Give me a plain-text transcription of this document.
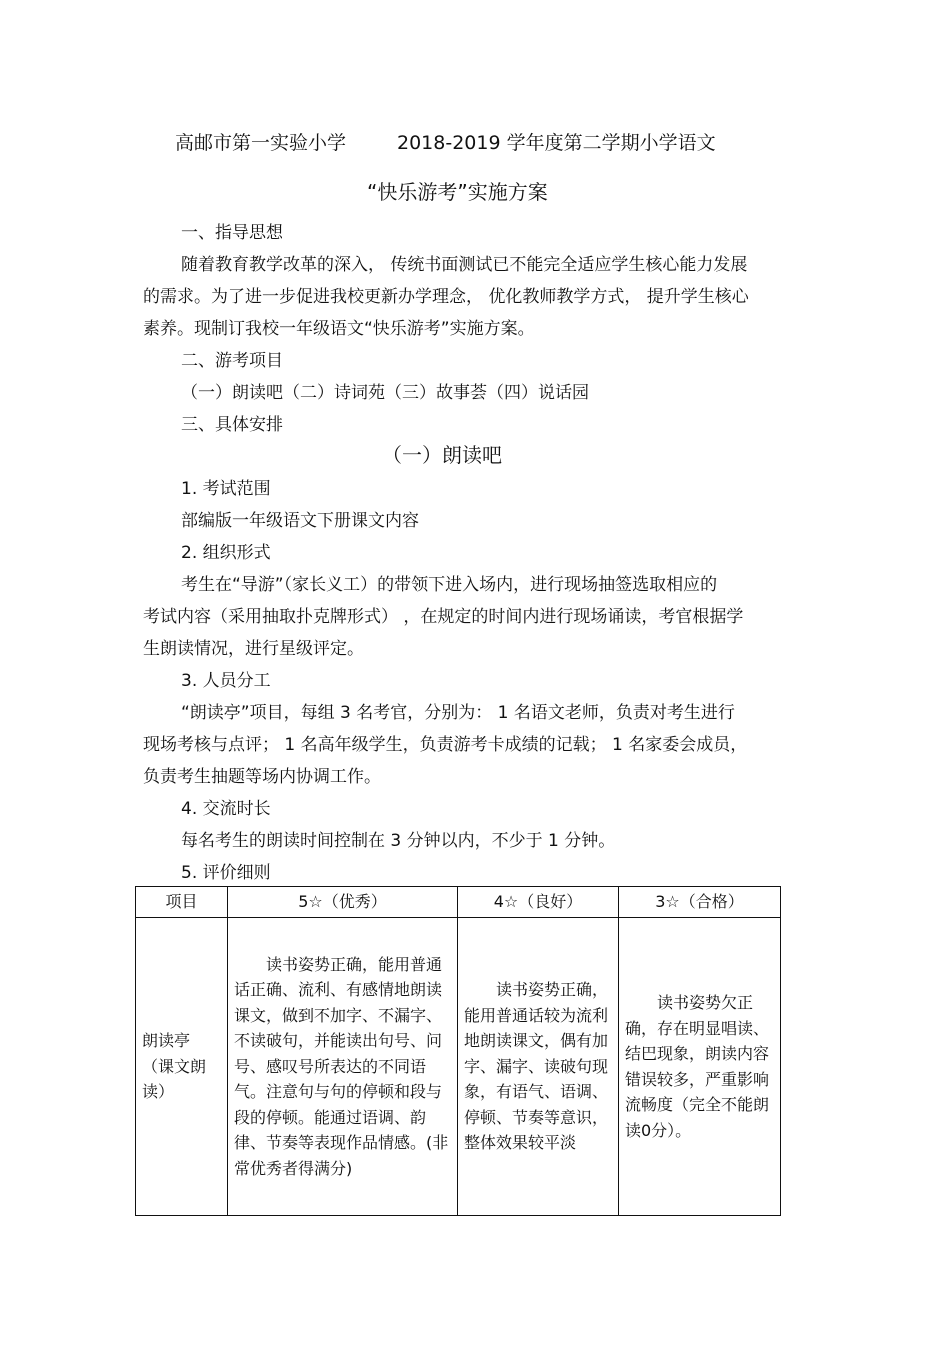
高邮市第一实验小学	2018-2019 学年度第二学期小学语文
“快乐游考”实施方案
一、指导思想
随着教育教学改革的深入， 传统书面测试已不能完全适应学生核心能力发展
的需求。为了进一步促进我校更新办学理念， 优化教师教学方式， 提升学生核心
素养。现制订我校一年级语文“快乐游考”实施方案。
二、游考项目
（一）朗读吧（二）诗词苑（三）故事荟（四）说话园
三、具体安排
（一）朗读吧
1. 考试范围
部编版一年级语文下册课文内容
2. 组织形式
考生在“导游”（家长义工）的带领下进入场内，进行现场抽签选取相应的
考试内容（采用抽取扑克牌形式） ，在规定的时间内进行现场诵读，考官根据学
生朗读情况，进行星级评定。
3. 人员分工
“朗读亭”项目，每组 3 名考官，分别为： 1 名语文老师，负责对考生进行
现场考核与点评； 1 名高年级学生，负责游考卡成绩的记载； 1 名家委会成员，
负责考生抽题等场内协调工作。
4. 交流时长
每名考生的朗读时间控制在 3 分钟以内，不少于 1 分钟。
5. 评价细则
项目	5☆（优秀）	4☆（良好）	3☆（合格）
朗读亭（课文朗读）	读书姿势正确，能用普通话正确、流利、有感情地朗读课文，做到不加字、不漏字、不读破句，并能读出句号、问号、感叹号所表达的不同语气。注意句与句的停顿和段与段的停顿。能通过语调、韵律、节奏等表现作品情感。(非常优秀者得满分)	读书姿势正确，能用普通话较为流利地朗读课文，偶有加字、漏字、读破句现象，有语气、语调、停顿、节奏等意识，整体效果较平淡	读书姿势欠正确，存在明显唱读、结巴现象，朗读内容错误较多，严重影响流畅度（完全不能朗读0分）。
